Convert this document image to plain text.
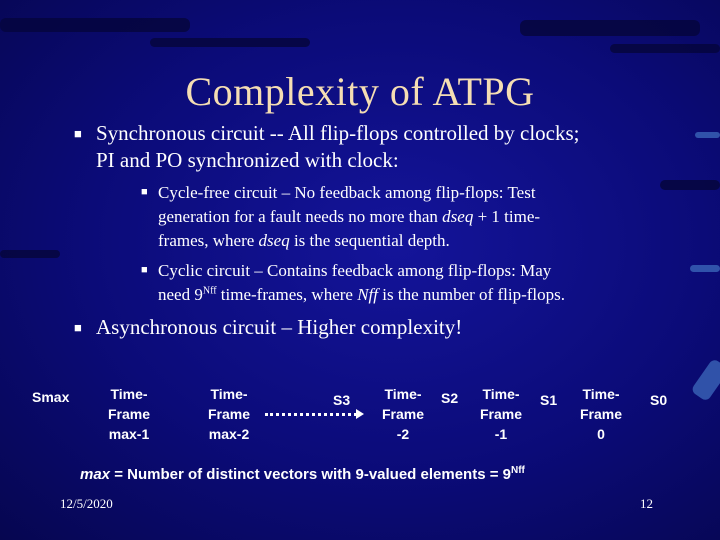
Complexity of ATPG
■ Synchronous circuit -- All flip-flops controlled by clocks;
PI and PO synchronized with clock:
■ Cycle-free circuit – No feedback among flip-flops: Test
generation for a fault needs no more than dseq + 1 time-
frames, where dseq is the sequential depth.
■ Cyclic circuit – Contains feedback among flip-flops: May
need $9^{Nff}$ time-frames, where Nff is the number of flip-flops.
■ Asynchronous circuit – Higher complexity!
Smax	Time-
Frame
max-1
Time-
Frame
max-2
S3	Time-
Frame
-2
S2	Time-
Frame
-1
S1	Time-
Frame
0
S0
max = Number of distinct vectors with 9-valued elements = $9^{Nff}$
12/5/2020	12
